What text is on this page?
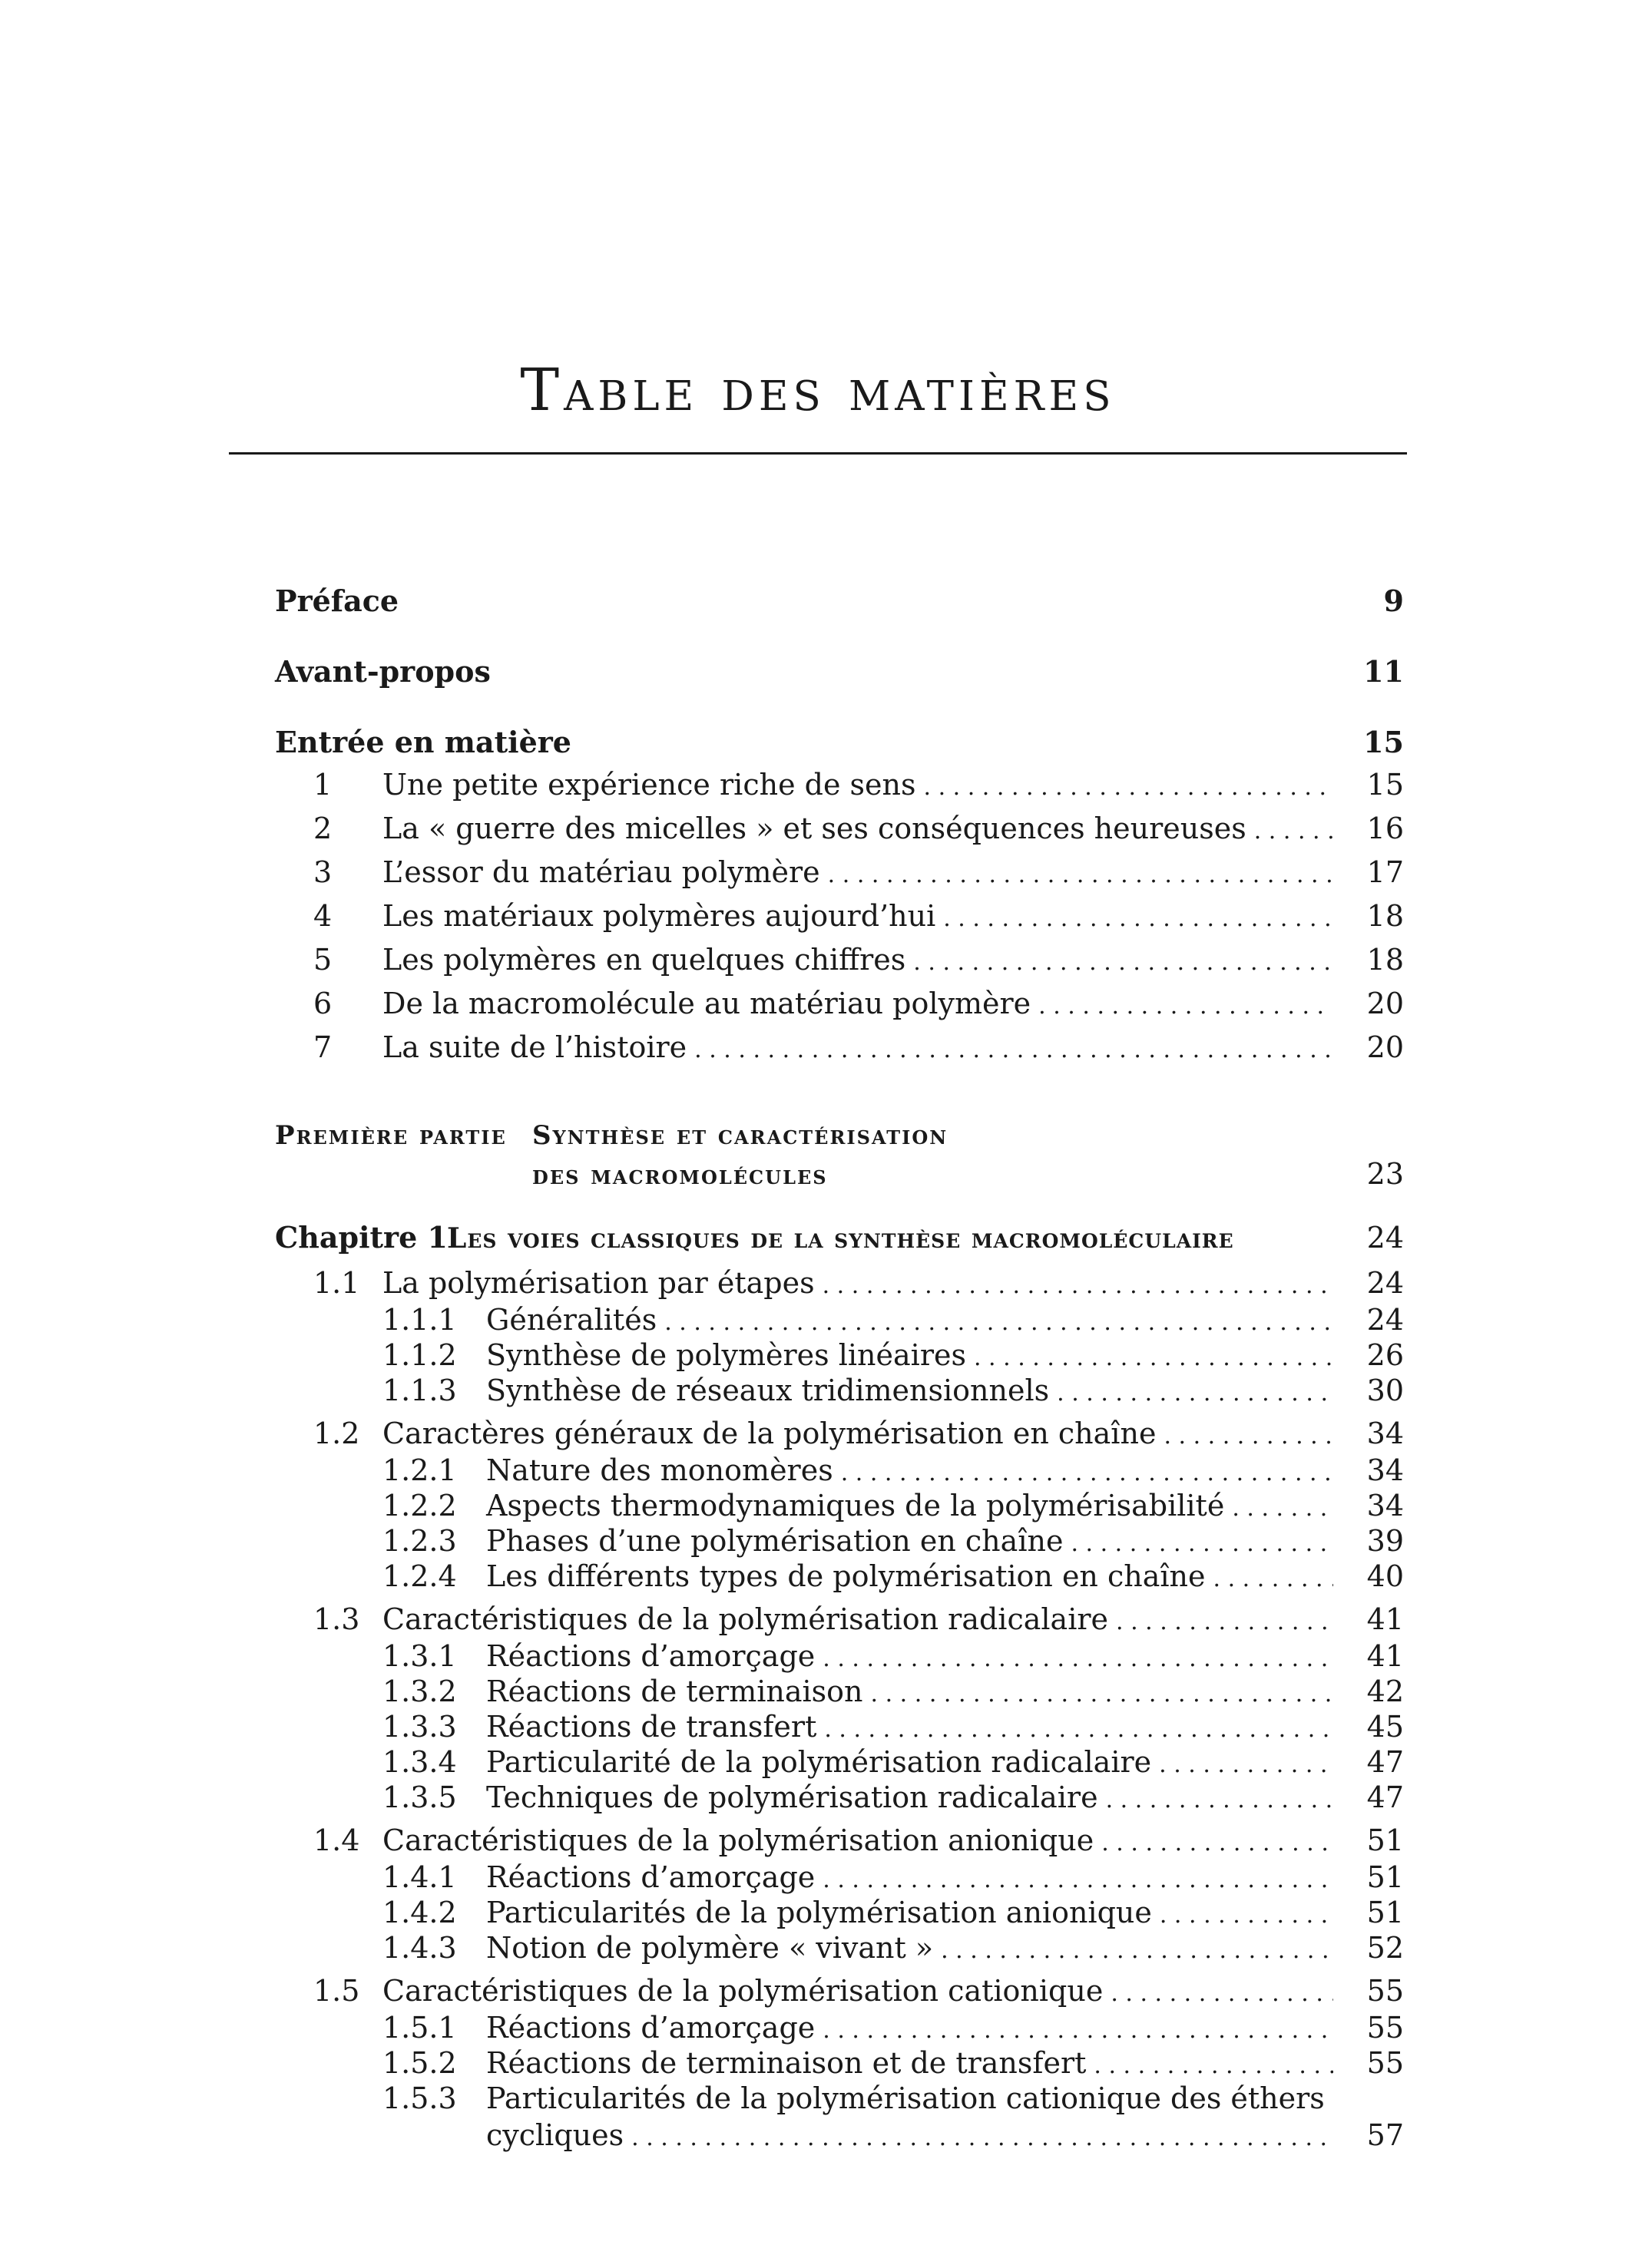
Table des matières
Préface	9
Avant-propos	11
Entrée en matière	15
1	Une petite expérience riche de sens . . .	15
2	La « guerre des micelles » et ses conséquences heureuses . . .	16
3	L’essor du matériau polymère . . .	17
4	Les matériaux polymères aujourd’hui . . .	18
5	Les polymères en quelques chiffres . . .	18
6	De la macromolécule au matériau polymère . . .	20
7	La suite de l’histoire . . .	20
Première partie Synthèse et caractérisation
des macromolécules	23
Chapitre 1 Les voies classiques de la synthèse macromoléculaire	24
1.1 La polymérisation par étapes . . .	24
1.1.1	Généralités . . .	24
1.1.2	Synthèse de polymères linéaires . . .	26
1.1.3	Synthèse de réseaux tridimensionnels . . .	30
1.2 Caractères généraux de la polymérisation en chaîne . . .	34
1.2.1	Nature des monomères . . .	34
1.2.2	Aspects thermodynamiques de la polymérisabilité . . .	34
1.2.3	Phases d’une polymérisation en chaîne . . .	39
1.2.4	Les différents types de polymérisation en chaîne . . .	40
1.3 Caractéristiques de la polymérisation radicalaire . . .	41
1.3.1	Réactions d’amorçage . . .	41
1.3.2	Réactions de terminaison . . .	42
1.3.3	Réactions de transfert . . .	45
1.3.4	Particularité de la polymérisation radicalaire . . .	47
1.3.5	Techniques de polymérisation radicalaire . . .	47
1.4 Caractéristiques de la polymérisation anionique . . .	51
1.4.1	Réactions d’amorçage . . .	51
1.4.2	Particularités de la polymérisation anionique . . .	51
1.4.3	Notion de polymère « vivant » . . .	52
1.5 Caractéristiques de la polymérisation cationique . . .	55
1.5.1	Réactions d’amorçage . . .	55
1.5.2	Réactions de terminaison et de transfert . . .	55
1.5.3	Particularités de la polymérisation cationique des éthers
cycliques . . .	57
